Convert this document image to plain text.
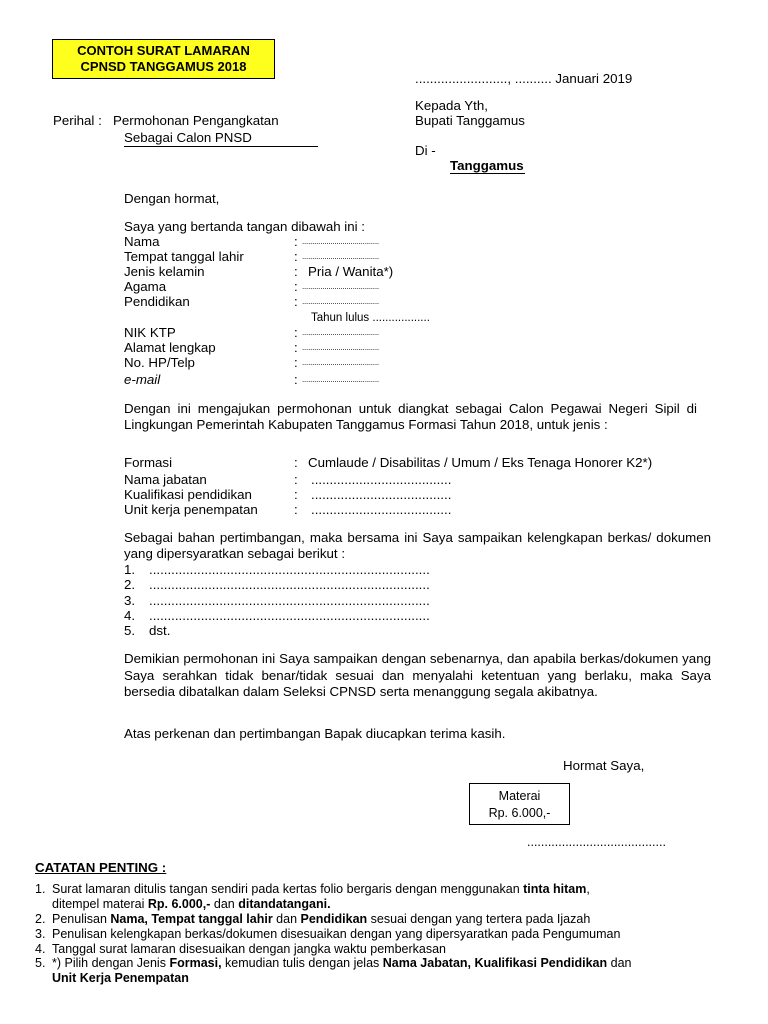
CONTOH SURAT LAMARAN
CPNSD TANGGAMUS 2018
........................., .......... Januari 2019
Kepada Yth,
Bupati Tanggamus
Di -
Tanggamus
Perihal : Permohonan Pengangkatan
Sebagai Calon PNSD
Dengan hormat,
Saya yang bertanda tangan dibawah ini :
Nama	: ......................................
Tempat tanggal lahir	: ......................................
Jenis kelamin	: Pria / Wanita*)
Agama	: ......................................
Pendidikan	: ......................................
Tahun lulus ..................
NIK KTP	: ......................................
Alamat lengkap	: ......................................
No. HP/Telp	: ......................................
e-mail	: ......................................
Dengan ini mengajukan permohonan untuk diangkat sebagai Calon Pegawai Negeri Sipil di Lingkungan Pemerintah Kabupaten Tanggamus Formasi Tahun 2018, untuk jenis :
Formasi	: Cumlaude / Disabilitas / Umum / Eks Tenaga Honorer K2*)
Nama jabatan	: ......................................
Kualifikasi pendidikan	: ......................................
Unit kerja penempatan	: ......................................
Sebagai bahan pertimbangan, maka bersama ini Saya sampaikan kelengkapan berkas/ dokumen yang dipersyaratkan sebagai berikut :
1. ............................................................................
2. ............................................................................
3. ............................................................................
4. ............................................................................
5. dst.
Demikian permohonan ini Saya sampaikan dengan sebenarnya, dan apabila berkas/dokumen yang Saya serahkan tidak benar/tidak sesuai dan menyalahi ketentuan yang berlaku, maka Saya bersedia dibatalkan dalam Seleksi CPNSD serta menanggung segala akibatnya.
Atas perkenan dan pertimbangan Bapak diucapkan terima kasih.
Hormat Saya,
Materai
Rp. 6.000,-
........................................
CATATAN PENTING :
1. Surat lamaran ditulis tangan sendiri pada kertas folio bergaris dengan menggunakan tinta hitam,
ditempel materai Rp. 6.000,- dan ditandatangani.
2. Penulisan Nama, Tempat tanggal lahir dan Pendidikan sesuai dengan yang tertera pada Ijazah
3. Penulisan kelengkapan berkas/dokumen disesuaikan dengan yang dipersyaratkan pada Pengumuman
4. Tanggal surat lamaran disesuaikan dengan jangka waktu pemberkasan
5. *) Pilih dengan Jenis Formasi, kemudian tulis dengan jelas Nama Jabatan, Kualifikasi Pendidikan dan
Unit Kerja Penempatan
